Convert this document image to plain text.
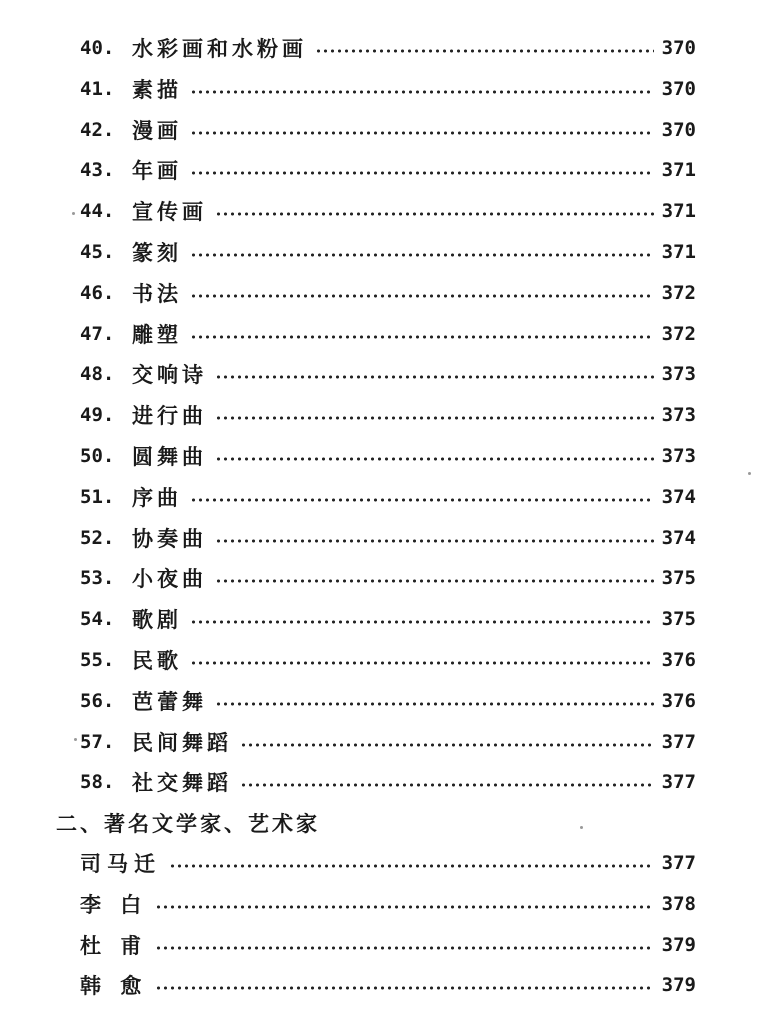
40. 水彩画和水粉画	370
41. 素描	370
42. 漫画	370
43. 年画	371
44. 宣传画	371
45. 篆刻	371
46. 书法	372
47. 雕塑	372
48. 交响诗	373
49. 进行曲	373
50. 圆舞曲	373
51. 序曲	374
52. 协奏曲	374
53. 小夜曲	375
54. 歌剧	375
55. 民歌	376
56. 芭蕾舞	376
57. 民间舞蹈	377
58. 社交舞蹈	377
二、著名文学家、艺术家
司马迁	377
李 白	378
杜 甫	379
韩 愈	379
